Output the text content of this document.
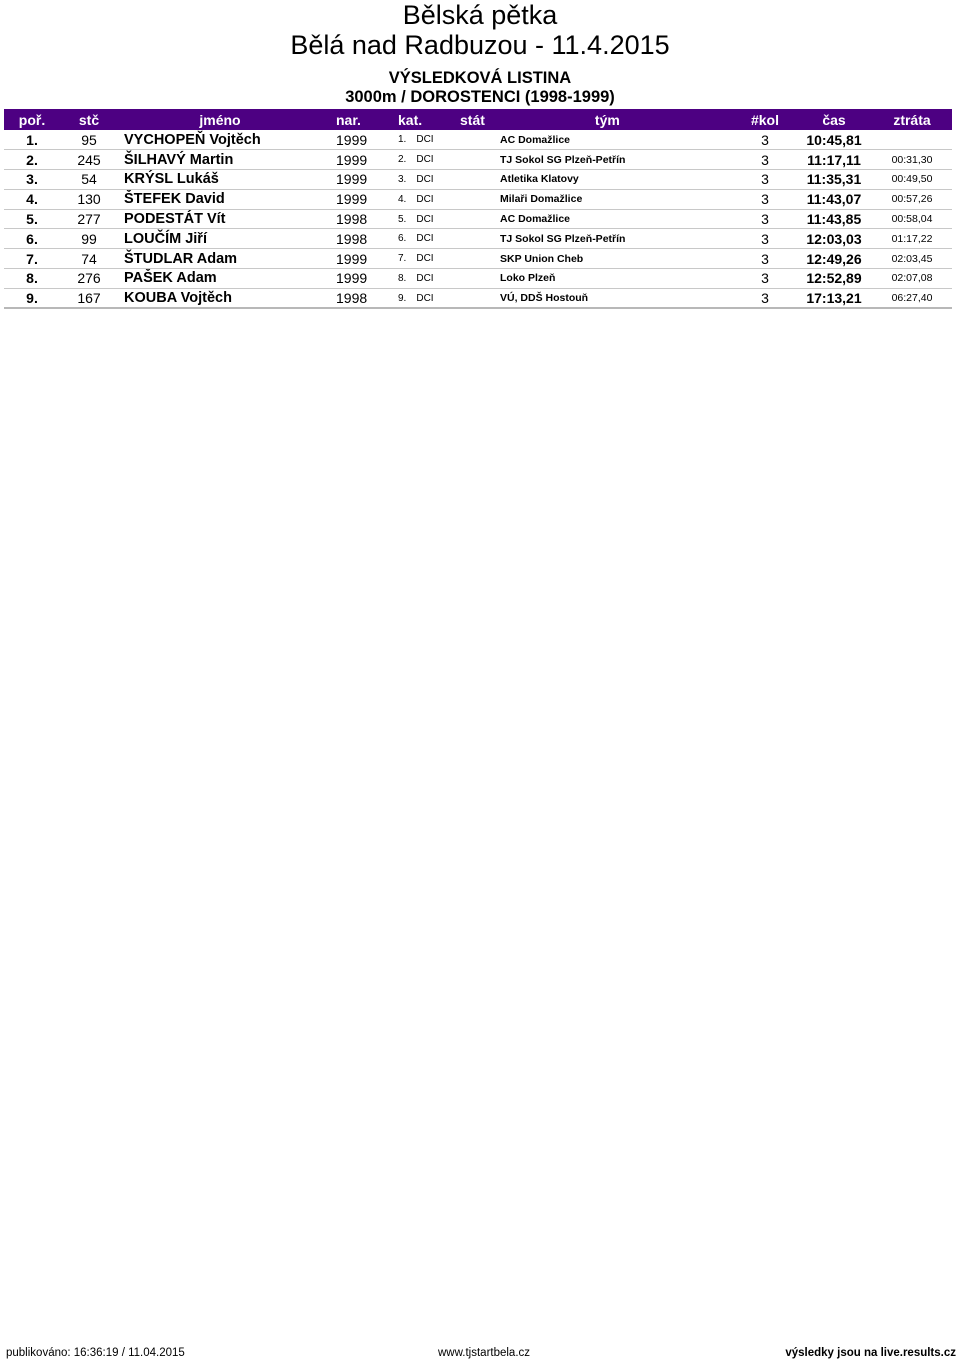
Bělská pětka
Bělá nad Radbuzou - 11.4.2015
VÝSLEDKOVÁ LISTINA
3000m / DOROSTENCI (1998-1999)
poř.	stč	jméno	nar.	kat.	stát tým	#kol	čas	ztráta
1.	95	VYCHOPEŇ Vojtěch	1999	1. DCI	AC Domažlice	3	10:45,81	
2.	245	ŠILHAVÝ Martin	1999	2. DCI	TJ Sokol SG Plzeň-Petřín	3	11:17,11	00:31,30
3.	54	KRÝSL Lukáš	1999	3. DCI	Atletika Klatovy	3	11:35,31	00:49,50
4.	130	ŠTEFEK David	1999	4. DCI	Milaři Domažlice	3	11:43,07	00:57,26
5.	277	PODESTÁT Vít	1998	5. DCI	AC Domažlice	3	11:43,85	00:58,04
6.	99	LOUČÍM Jiří	1998	6. DCI	TJ Sokol SG Plzeň-Petřín	3	12:03,03	01:17,22
7.	74	ŠTUDLAR Adam	1999	7. DCI	SKP Union Cheb	3	12:49,26	02:03,45
8.	276	PAŠEK Adam	1999	8. DCI	Loko Plzeň	3	12:52,89	02:07,08
9.	167	KOUBA Vojtěch	1998	9. DCI	VÚ, DDŠ Hostouň	3	17:13,21	06:27,40
publikováno: 16:36:19 / 11.04.2015	www.tjstartbela.cz	výsledky jsou na live.results.cz
